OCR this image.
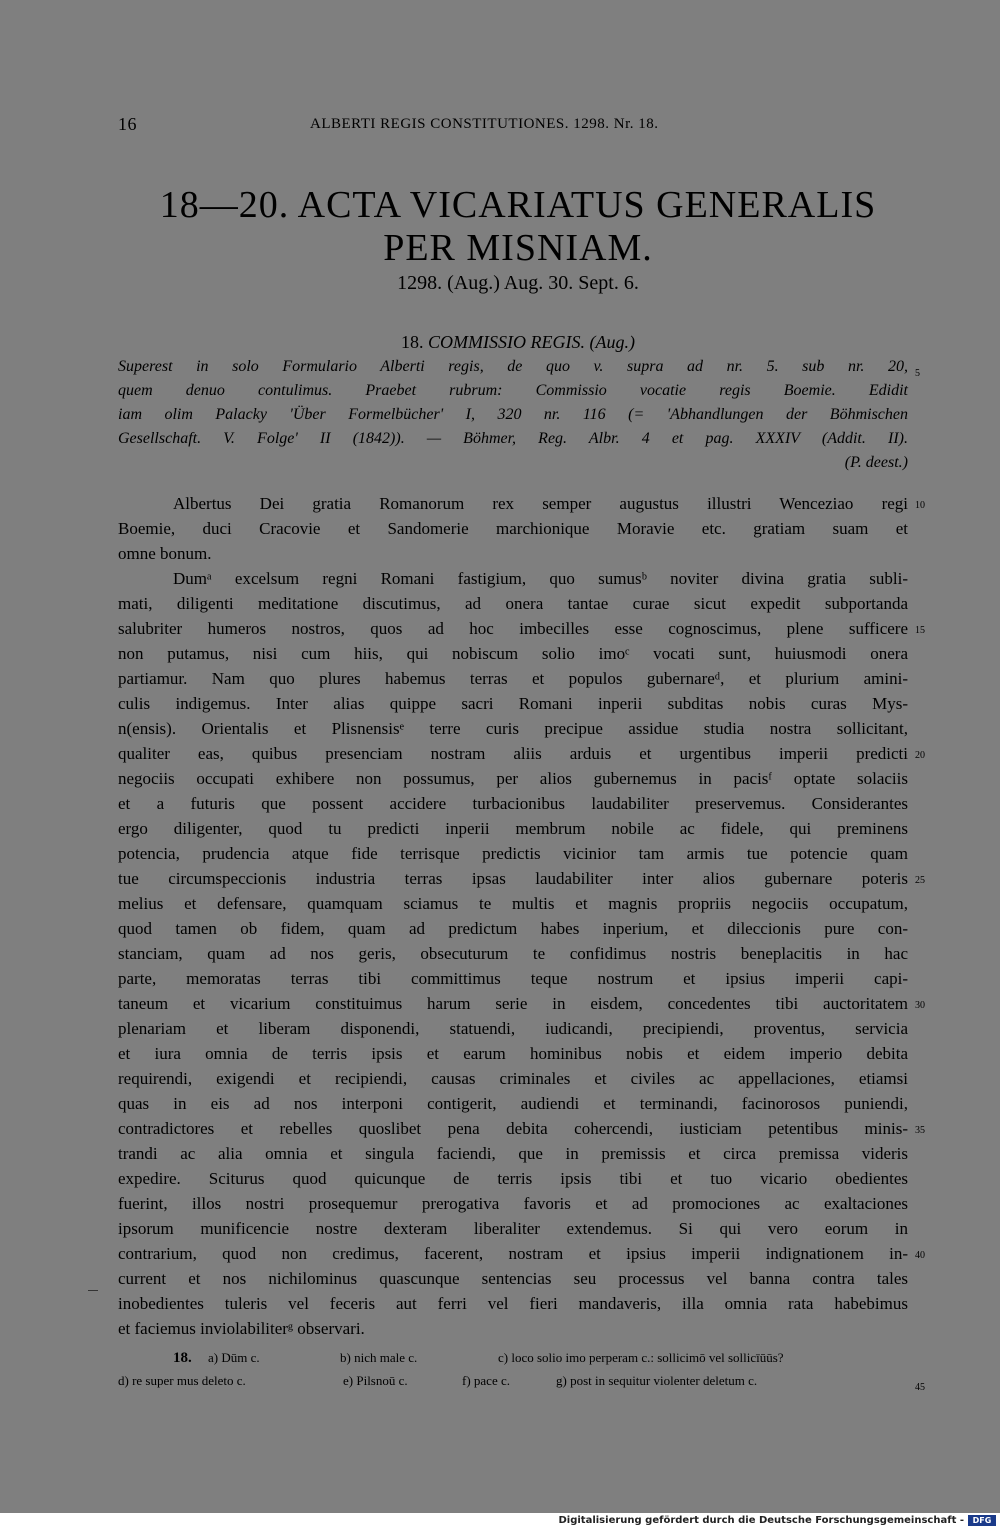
16	ALBERTI REGIS CONSTITUTIONES. 1298. Nr. 18.
18—20. ACTA VICARIATUS GENERALIS
PER MISNIAM.
1298. (Aug.) Aug. 30. Sept. 6.
18. COMMISSIO REGIS. (Aug.)
Superest in solo Formulario Alberti regis, de quo v. supra ad nr. 5. sub nr. 20,
quem denuo contulimus. Praebet rubrum: Commissio vocatie regis Boemie. Edidit
iam olim Palacky 'Über Formelbücher' I, 320 nr. 116 (= 'Abhandlungen der Böhmischen
Gesellschaft. V. Folge' II (1842)). — Böhmer, Reg. Albr. 4 et pag. XXXIV (Addit. II).
(P. deest.)
Albertus Dei gratia Romanorum rex semper augustus illustri Wenceziao regi
Boemie, duci Cracovie et Sandomerie marchionique Moravie etc. gratiam suam et
omne bonum.
Dumᵃ excelsum regni Romani fastigium, quo sumusᵇ noviter divina gratia subli-
mati, diligenti meditatione discutimus, ad onera tantae curae sicut expedit subportanda
salubriter humeros nostros, quos ad hoc imbecilles esse cognoscimus, plene sufficere
non putamus, nisi cum hiis, qui nobiscum solio imoᶜ vocati sunt, huiusmodi onera
partiamur. Nam quo plures habemus terras et populos gubernareᵈ, et plurium amini-
culis indigemus. Inter alias quippe sacri Romani inperii subditas nobis curas Mys-
n(ensis). Orientalis et Plisnensisᵉ terre curis precipue assidue studia nostra sollicitant,
qualiter eas, quibus presenciam nostram aliis arduis et urgentibus imperii predicti
negociis occupati exhibere non possumus, per alios gubernemus in pacisᶠ optate solaciis
et a futuris que possent accidere turbacionibus laudabiliter preservemus. Considerantes
ergo diligenter, quod tu predicti inperii membrum nobile ac fidele, qui preminens
potencia, prudencia atque fide terrisque predictis vicinior tam armis tue potencie quam
tue circumspeccionis industria terras ipsas laudabiliter inter alios gubernare poteris
melius et defensare, quamquam sciamus te multis et magnis propriis negociis occupatum,
quod tamen ob fidem, quam ad predictum habes inperium, et dileccionis pure con-
stanciam, quam ad nos geris, obsecuturum te confidimus nostris beneplacitis in hac
parte, memoratas terras tibi committimus teque nostrum et ipsius imperii capi-
taneum et vicarium constituimus harum serie in eisdem, concedentes tibi auctoritatem
plenariam et liberam disponendi, statuendi, iudicandi, precipiendi, proventus, servicia
et iura omnia de terris ipsis et earum hominibus nobis et eidem imperio debita
requirendi, exigendi et recipiendi, causas criminales et civiles ac appellaciones, etiamsi
quas in eis ad nos interponi contigerit, audiendi et terminandi, facinorosos puniendi,
contradictores et rebelles quoslibet pena debita cohercendi, iusticiam petentibus minis-
trandi ac alia omnia et singula faciendi, que in premissis et circa premissa videris
expedire. Sciturus quod quicunque de terris ipsis tibi et tuo vicario obedientes
fuerint, illos nostri prosequemur prerogativa favoris et ad promociones ac exaltaciones
ipsorum munificencie nostre dexteram liberaliter extendemus. Si qui vero eorum in
contrarium, quod non credimus, facerent, nostram et ipsius imperii indignationem in-
current et nos nichilominus quascunque sentencias seu processus vel banna contra tales
inobedientes tuleris vel feceris aut ferri vel fieri mandaveris, illa omnia rata habebimus
et faciemus inviolabiliterᵍ observari.
5
10
15
20
25
30
35
40
45
18. a) Dūm c.	b) nich male c.	c) loco solio imo perperam c.: sollicimō vel sollicīūūs?
d) re super mus deleto c.	e) Pilsnoū c.	f) pace c.	g) post in sequitur violenter deletum c.
Digitalisierung gefördert durch die Deutsche Forschungsgemeinschaft -	DFG
